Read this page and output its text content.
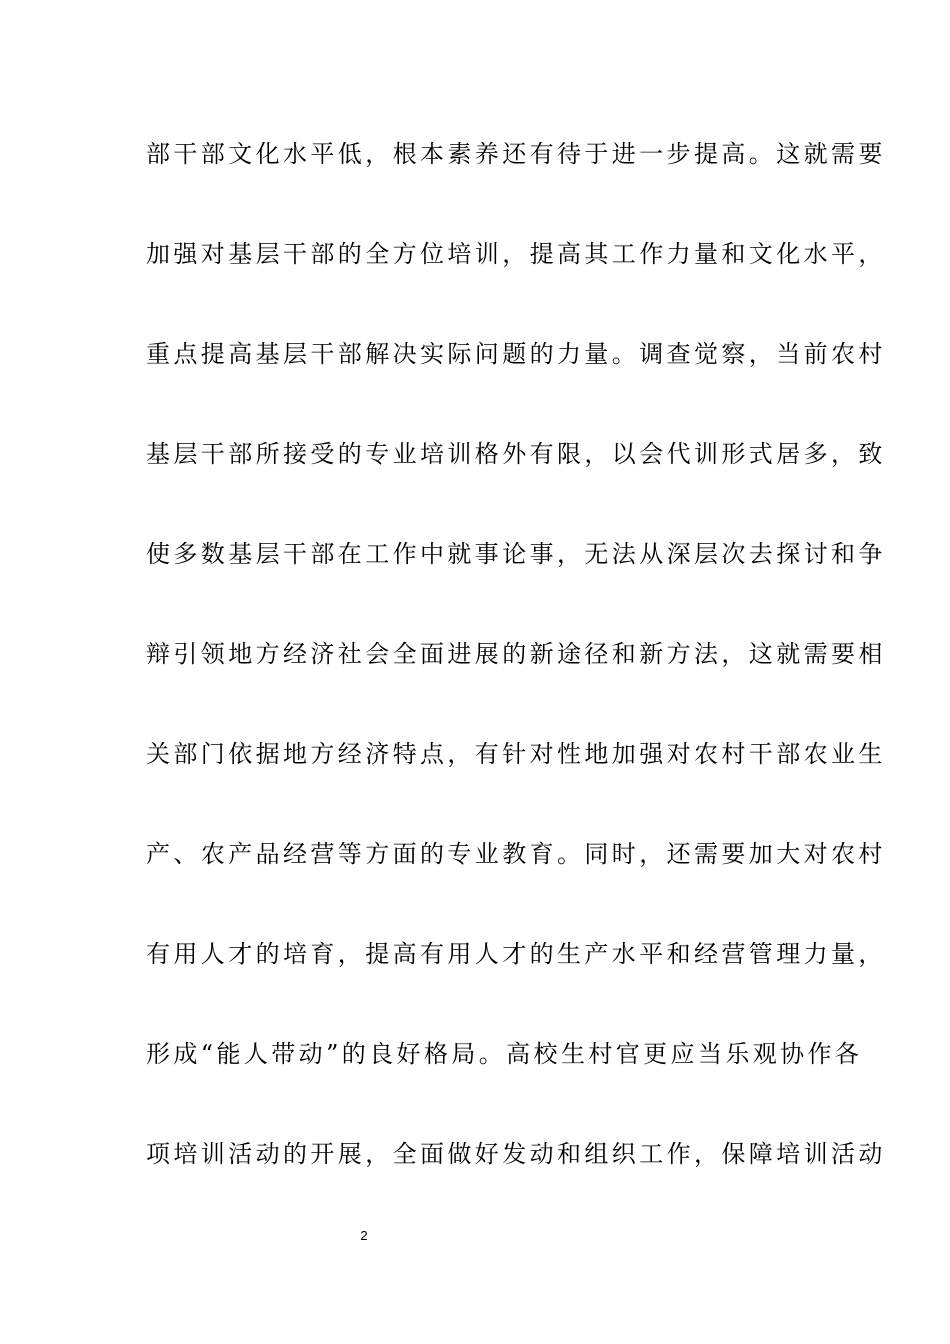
部干部文化水平低，根本素养还有待于进一步提高。这就需要
加强对基层干部的全方位培训，提高其工作力量和文化水平，
重点提高基层干部解决实际问题的力量。调查觉察，当前农村
基层干部所接受的专业培训格外有限，以会代训形式居多，致
使多数基层干部在工作中就事论事，无法从深层次去探讨和争
辩引领地方经济社会全面进展的新途径和新方法，这就需要相
关部门依据地方经济特点，有针对性地加强对农村干部农业生
产、农产品经营等方面的专业教育。同时，还需要加大对农村
有用人才的培育，提高有用人才的生产水平和经营管理力量，
形成“能人带动”的良好格局。高校生村官更应当乐观协作各
项培训活动的开展，全面做好发动和组织工作，保障培训活动
2
